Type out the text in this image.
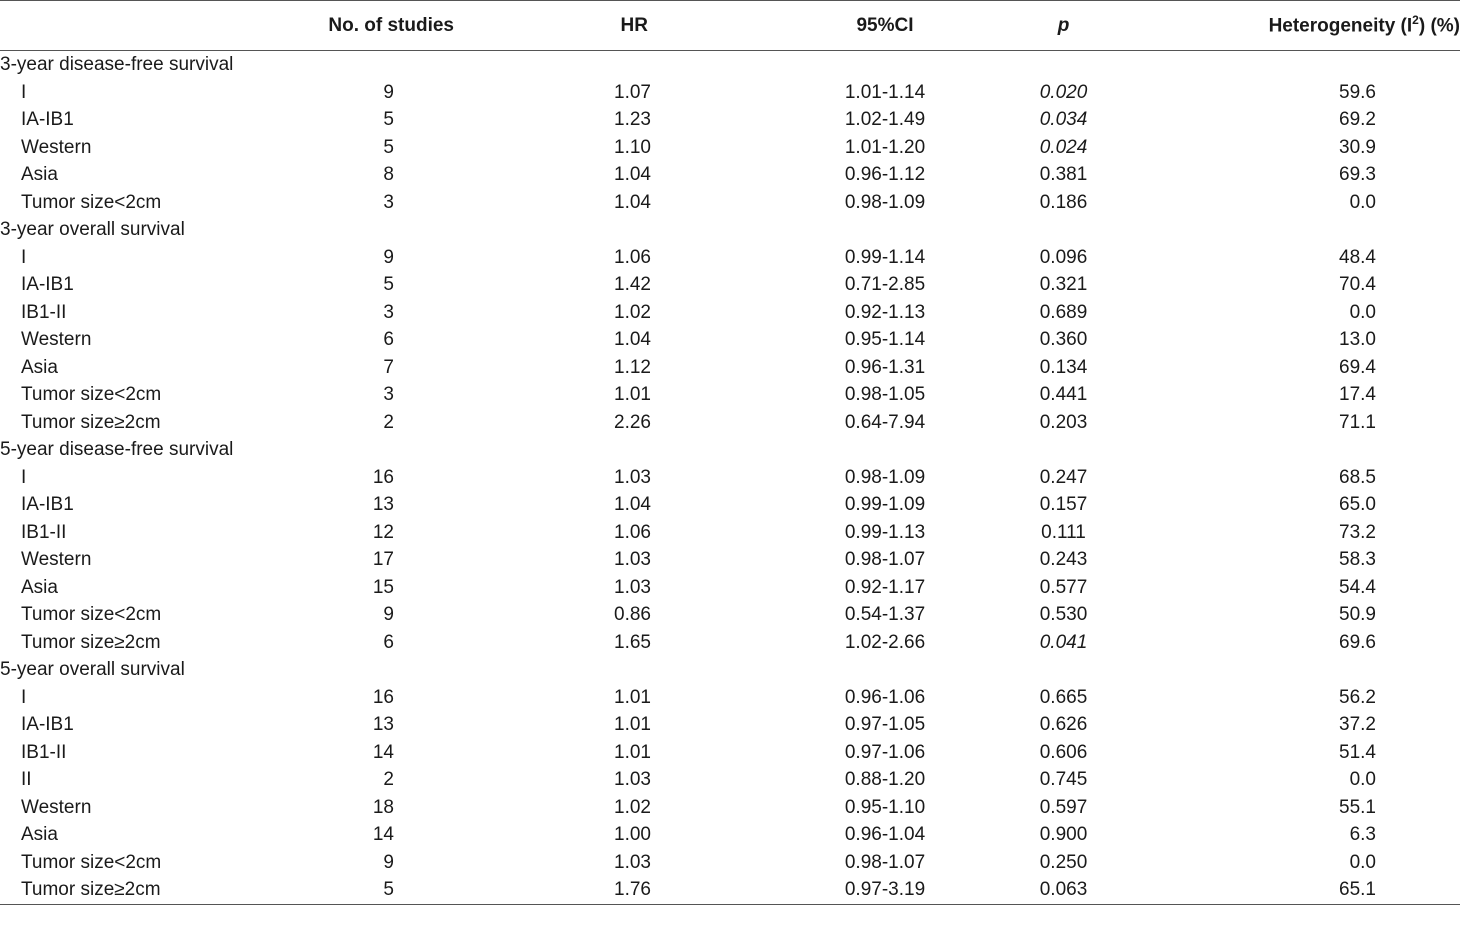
	No. of studies	HR	95%CI	p	Heterogeneity $(I^2)$ (%)
3-year disease-free survival					
I	9	1.07	1.01-1.14	0.020	59.6
IA-IB1	5	1.23	1.02-1.49	0.034	69.2
Western	5	1.10	1.01-1.20	0.024	30.9
Asia	8	1.04	0.96-1.12	0.381	69.3
Tumor size<2cm	3	1.04	0.98-1.09	0.186	0.0
3-year overall survival					
I	9	1.06	0.99-1.14	0.096	48.4
IA-IB1	5	1.42	0.71-2.85	0.321	70.4
IB1-II	3	1.02	0.92-1.13	0.689	0.0
Western	6	1.04	0.95-1.14	0.360	13.0
Asia	7	1.12	0.96-1.31	0.134	69.4
Tumor size<2cm	3	1.01	0.98-1.05	0.441	17.4
Tumor size≥2cm	2	2.26	0.64-7.94	0.203	71.1
5-year disease-free survival					
I	16	1.03	0.98-1.09	0.247	68.5
IA-IB1	13	1.04	0.99-1.09	0.157	65.0
IB1-II	12	1.06	0.99-1.13	0.111	73.2
Western	17	1.03	0.98-1.07	0.243	58.3
Asia	15	1.03	0.92-1.17	0.577	54.4
Tumor size<2cm	9	0.86	0.54-1.37	0.530	50.9
Tumor size≥2cm	6	1.65	1.02-2.66	0.041	69.6
5-year overall survival					
I	16	1.01	0.96-1.06	0.665	56.2
IA-IB1	13	1.01	0.97-1.05	0.626	37.2
IB1-II	14	1.01	0.97-1.06	0.606	51.4
II	2	1.03	0.88-1.20	0.745	0.0
Western	18	1.02	0.95-1.10	0.597	55.1
Asia	14	1.00	0.96-1.04	0.900	6.3
Tumor size<2cm	9	1.03	0.98-1.07	0.250	0.0
Tumor size≥2cm	5	1.76	0.97-3.19	0.063	65.1
